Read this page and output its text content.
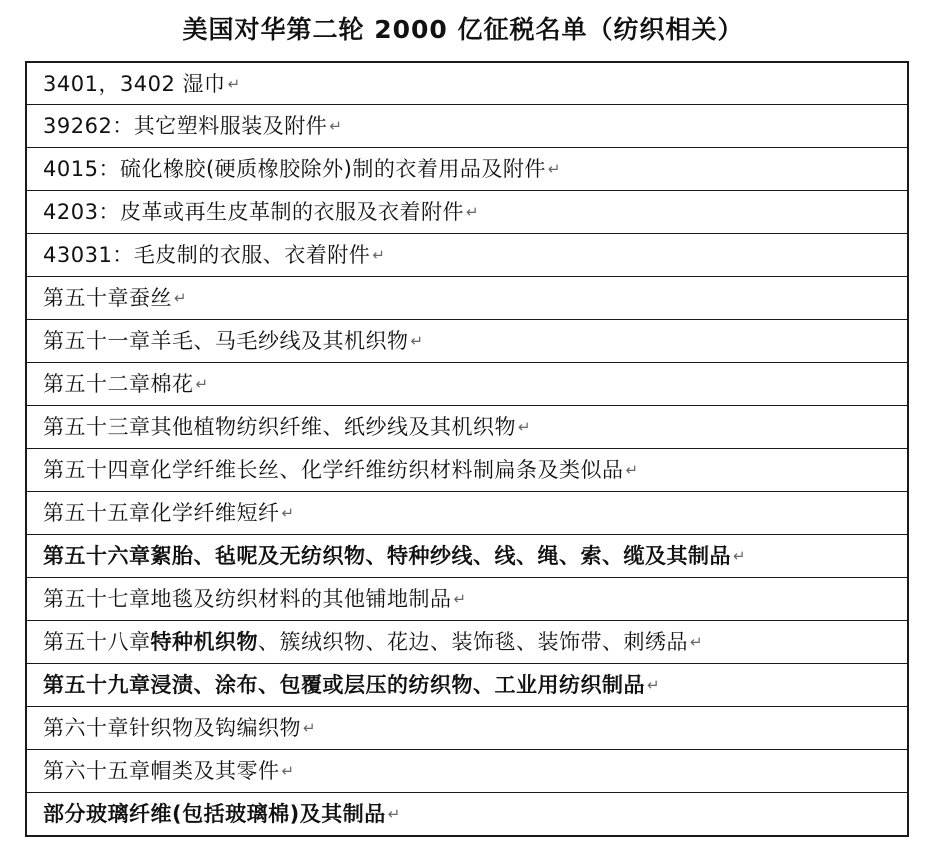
美国对华第二轮 2000 亿征税名单（纺织相关）
3401，3402 湿巾 ↵
39262：其它塑料服装及附件 ↵
4015：硫化橡胶(硬质橡胶除外)制的衣着用品及附件 ↵
4203：皮革或再生皮革制的衣服及衣着附件 ↵
43031：毛皮制的衣服、衣着附件 ↵
第五十章蚕丝 ↵
第五十一章羊毛、马毛纱线及其机织物 ↵
第五十二章棉花 ↵
第五十三章其他植物纺织纤维、纸纱线及其机织物 ↵
第五十四章化学纤维长丝、化学纤维纺织材料制扁条及类似品 ↵
第五十五章化学纤维短纤 ↵
第五十六章絮胎、毡呢及无纺织物、特种纱线、线、绳、索、缆及其制品 ↵
第五十七章地毯及纺织材料的其他铺地制品 ↵
第五十八章 特种机织物 、簇绒织物、花边、装饰毯、装饰带、刺绣品 ↵
第五十九章浸渍、涂布、包覆或层压的纺织物、工业用纺织制品 ↵
第六十章针织物及钩编织物 ↵
第六十五章帽类及其零件 ↵
部分玻璃纤维(包括玻璃棉)及其制品 ↵
